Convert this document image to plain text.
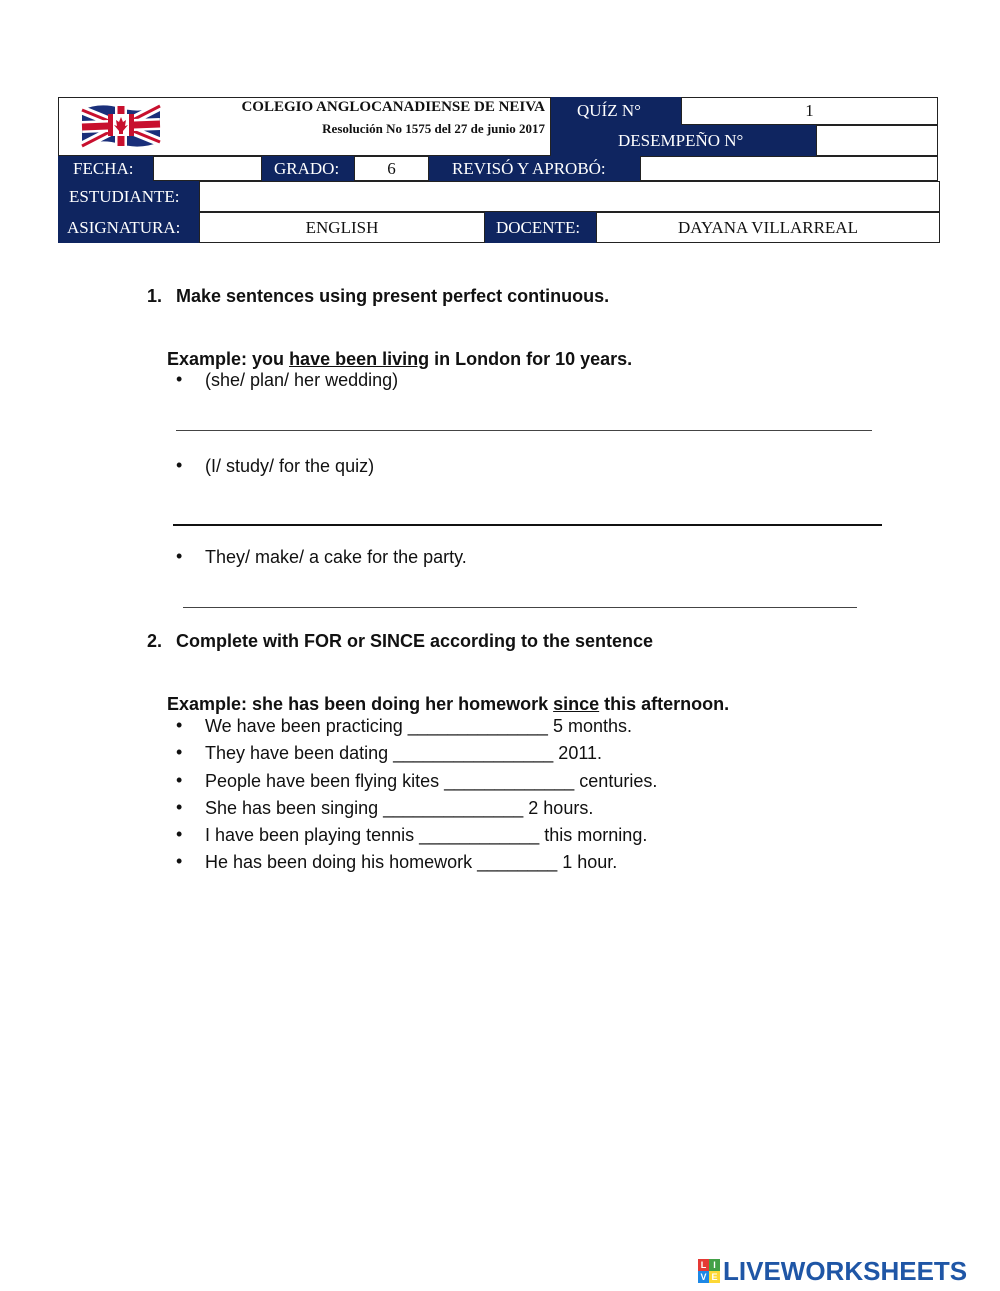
COLEGIO ANGLOCANADIENSE DE NEIVA
Resolución No 1575 del 27 de junio 2017
QUÍZ N°	1
DESEMPEÑO N°
FECHA:	GRADO:	6	REVISÓ Y APROBÓ:
ESTUDIANTE:
ASIGNATURA:	ENGLISH	DOCENTE:	DAYANA VILLARREAL
1. Make sentences using present perfect continuous.

Example: you have been living in London for 10 years.

• (she/ plan/ her wedding)
• (I/ study/ for the quiz)
• They/ make/ a cake for the party.
2. Complete with FOR or SINCE according to the sentence

Example: she has been doing her homework since this afternoon.

• We have been practicing ______________ 5 months.
• They have been dating ________________ 2011.
• People have been flying kites _____________ centuries.
• She has been singing ______________ 2 hours.
• I have been playing tennis ____________ this morning.
• He has been doing his homework ________ 1 hour.
L I
V E LIVEWORKSHEETS
